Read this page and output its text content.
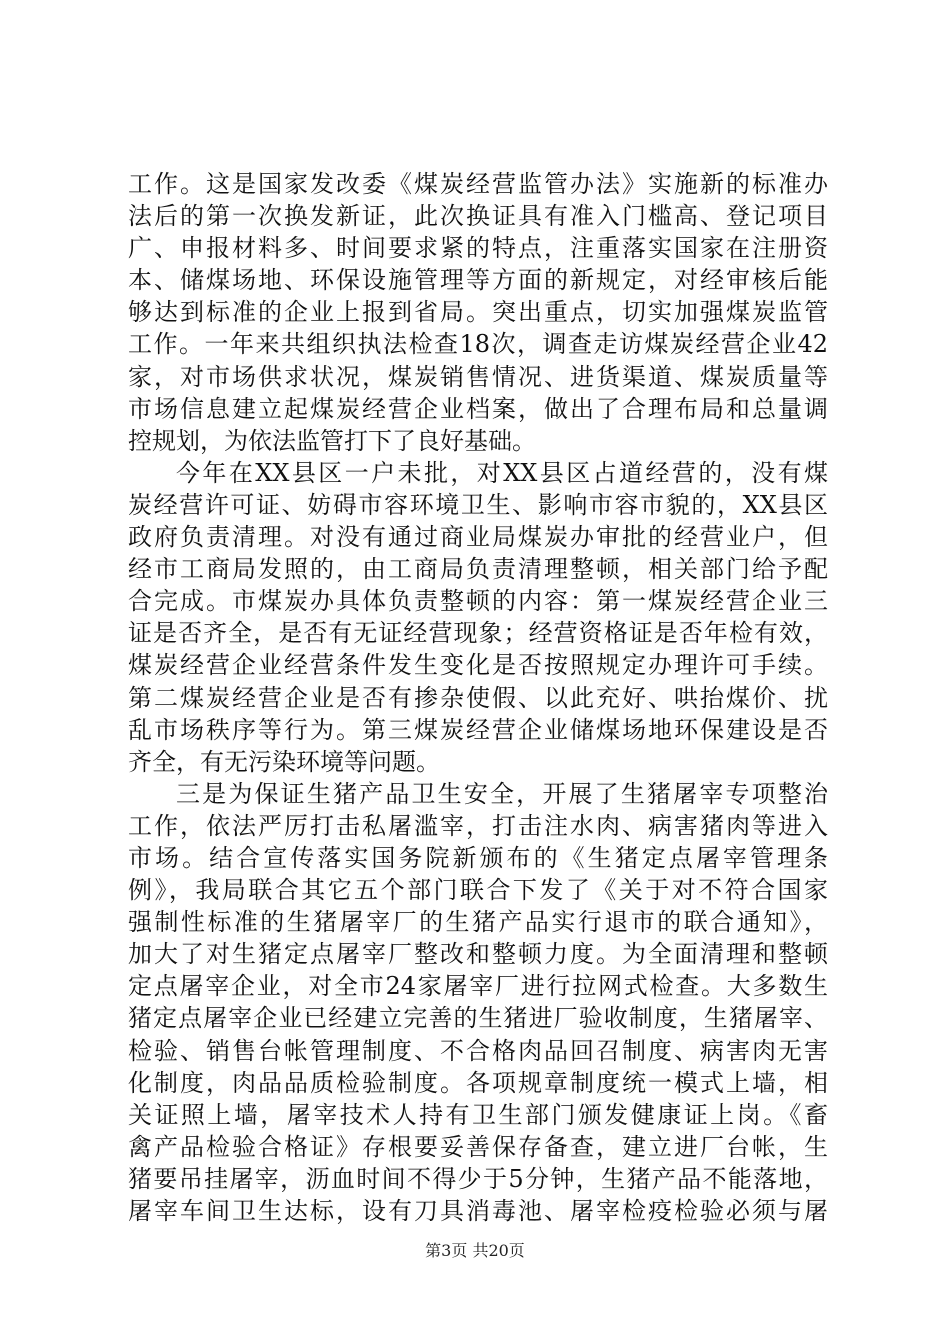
工作。这是国家发改委《煤炭经营监管办法》实施新的标准办
法后的第一次换发新证，此次换证具有准入门槛高、登记项目
广、申报材料多、时间要求紧的特点，注重落实国家在注册资
本、储煤场地、环保设施管理等方面的新规定，对经审核后能
够达到标准的企业上报到省局。突出重点，切实加强煤炭监管
工作。一年来共组织执法检查18次，调查走访煤炭经营企业42
家，对市场供求状况，煤炭销售情况、进货渠道、煤炭质量等
市场信息建立起煤炭经营企业档案，做出了合理布局和总量调
控规划，为依法监管打下了良好基础。
今年在XX县区一户未批，对XX县区占道经营的，没有煤
炭经营许可证、妨碍市容环境卫生、影响市容市貌的，XX县区
政府负责清理。对没有通过商业局煤炭办审批的经营业户，但
经市工商局发照的，由工商局负责清理整顿，相关部门给予配
合完成。市煤炭办具体负责整顿的内容：第一煤炭经营企业三
证是否齐全，是否有无证经营现象；经营资格证是否年检有效，
煤炭经营企业经营条件发生变化是否按照规定办理许可手续。
第二煤炭经营企业是否有掺杂使假、以此充好、哄抬煤价、扰
乱市场秩序等行为。第三煤炭经营企业储煤场地环保建设是否
齐全，有无污染环境等问题。
三是为保证生猪产品卫生安全，开展了生猪屠宰专项整治
工作，依法严厉打击私屠滥宰，打击注水肉、病害猪肉等进入
市场。结合宣传落实国务院新颁布的《生猪定点屠宰管理条
例》，我局联合其它五个部门联合下发了《关于对不符合国家
强制性标准的生猪屠宰厂的生猪产品实行退市的联合通知》，
加大了对生猪定点屠宰厂整改和整顿力度。为全面清理和整顿
定点屠宰企业，对全市24家屠宰厂进行拉网式检查。大多数生
猪定点屠宰企业已经建立完善的生猪进厂验收制度，生猪屠宰、
检验、销售台帐管理制度、不合格肉品回召制度、病害肉无害
化制度，肉品品质检验制度。各项规章制度统一模式上墙，相
关证照上墙，屠宰技术人持有卫生部门颁发健康证上岗。《畜
禽产品检验合格证》存根要妥善保存备查，建立进厂台帐，生
猪要吊挂屠宰，沥血时间不得少于5分钟，生猪产品不能落地，
屠宰车间卫生达标，设有刀具消毒池、屠宰检疫检验必须与屠
第3页 共20页
